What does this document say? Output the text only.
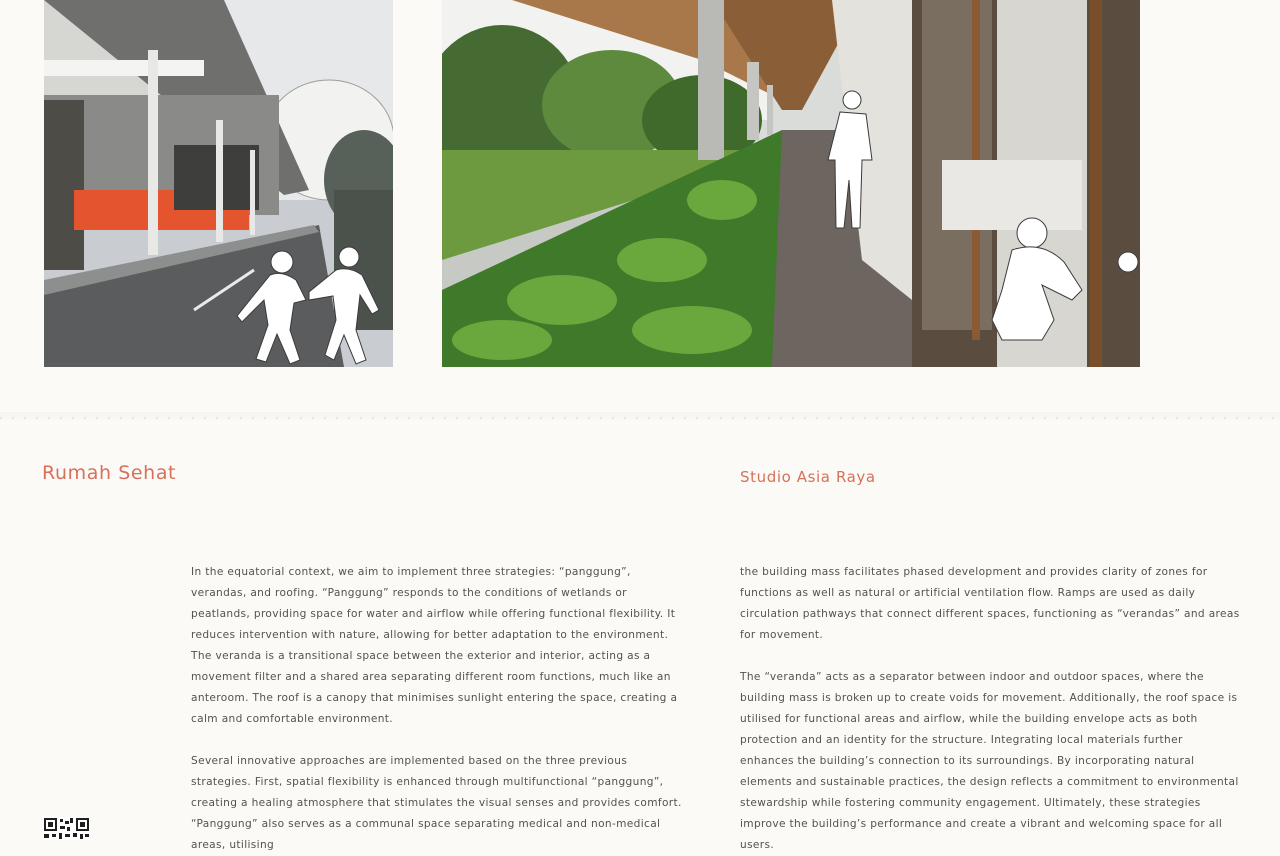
Rumah Sehat	Studio Asia Raya

In the equatorial context, we aim to implement three strategies: “panggung”, verandas, and roofing. “Panggung” responds to the conditions of wetlands or peatlands, providing space for water and airflow while offering functional flexibility. It reduces intervention with nature, allowing for better adaptation to the environment. The veranda is a transitional space between the exterior and interior, acting as a movement filter and a shared area separating different room functions, much like an anteroom. The roof is a canopy that minimises sunlight entering the space, creating a calm and comfortable environment.

Several innovative approaches are implemented based on the three previous strategies. First, spatial flexibility is enhanced through multifunctional “panggung”, creating a healing atmosphere that stimulates the visual senses and provides comfort. “Panggung” also serves as a communal space separating medical and non-medical areas, utilising

the building mass facilitates phased development and provides clarity of zones for functions as well as natural or artificial ventilation flow. Ramps are used as daily circulation pathways that connect different spaces, functioning as “verandas” and areas for movement.

The “veranda” acts as a separator between indoor and outdoor spaces, where the building mass is broken up to create voids for movement. Additionally, the roof space is utilised for functional areas and airflow, while the building envelope acts as both protection and an identity for the structure. Integrating local materials further enhances the building’s connection to its surroundings. By incorporating natural elements and sustainable practices, the design reflects a commitment to environmental stewardship while fostering community engagement. Ultimately, these strategies improve the building’s performance and create a vibrant and welcoming space for all users.
